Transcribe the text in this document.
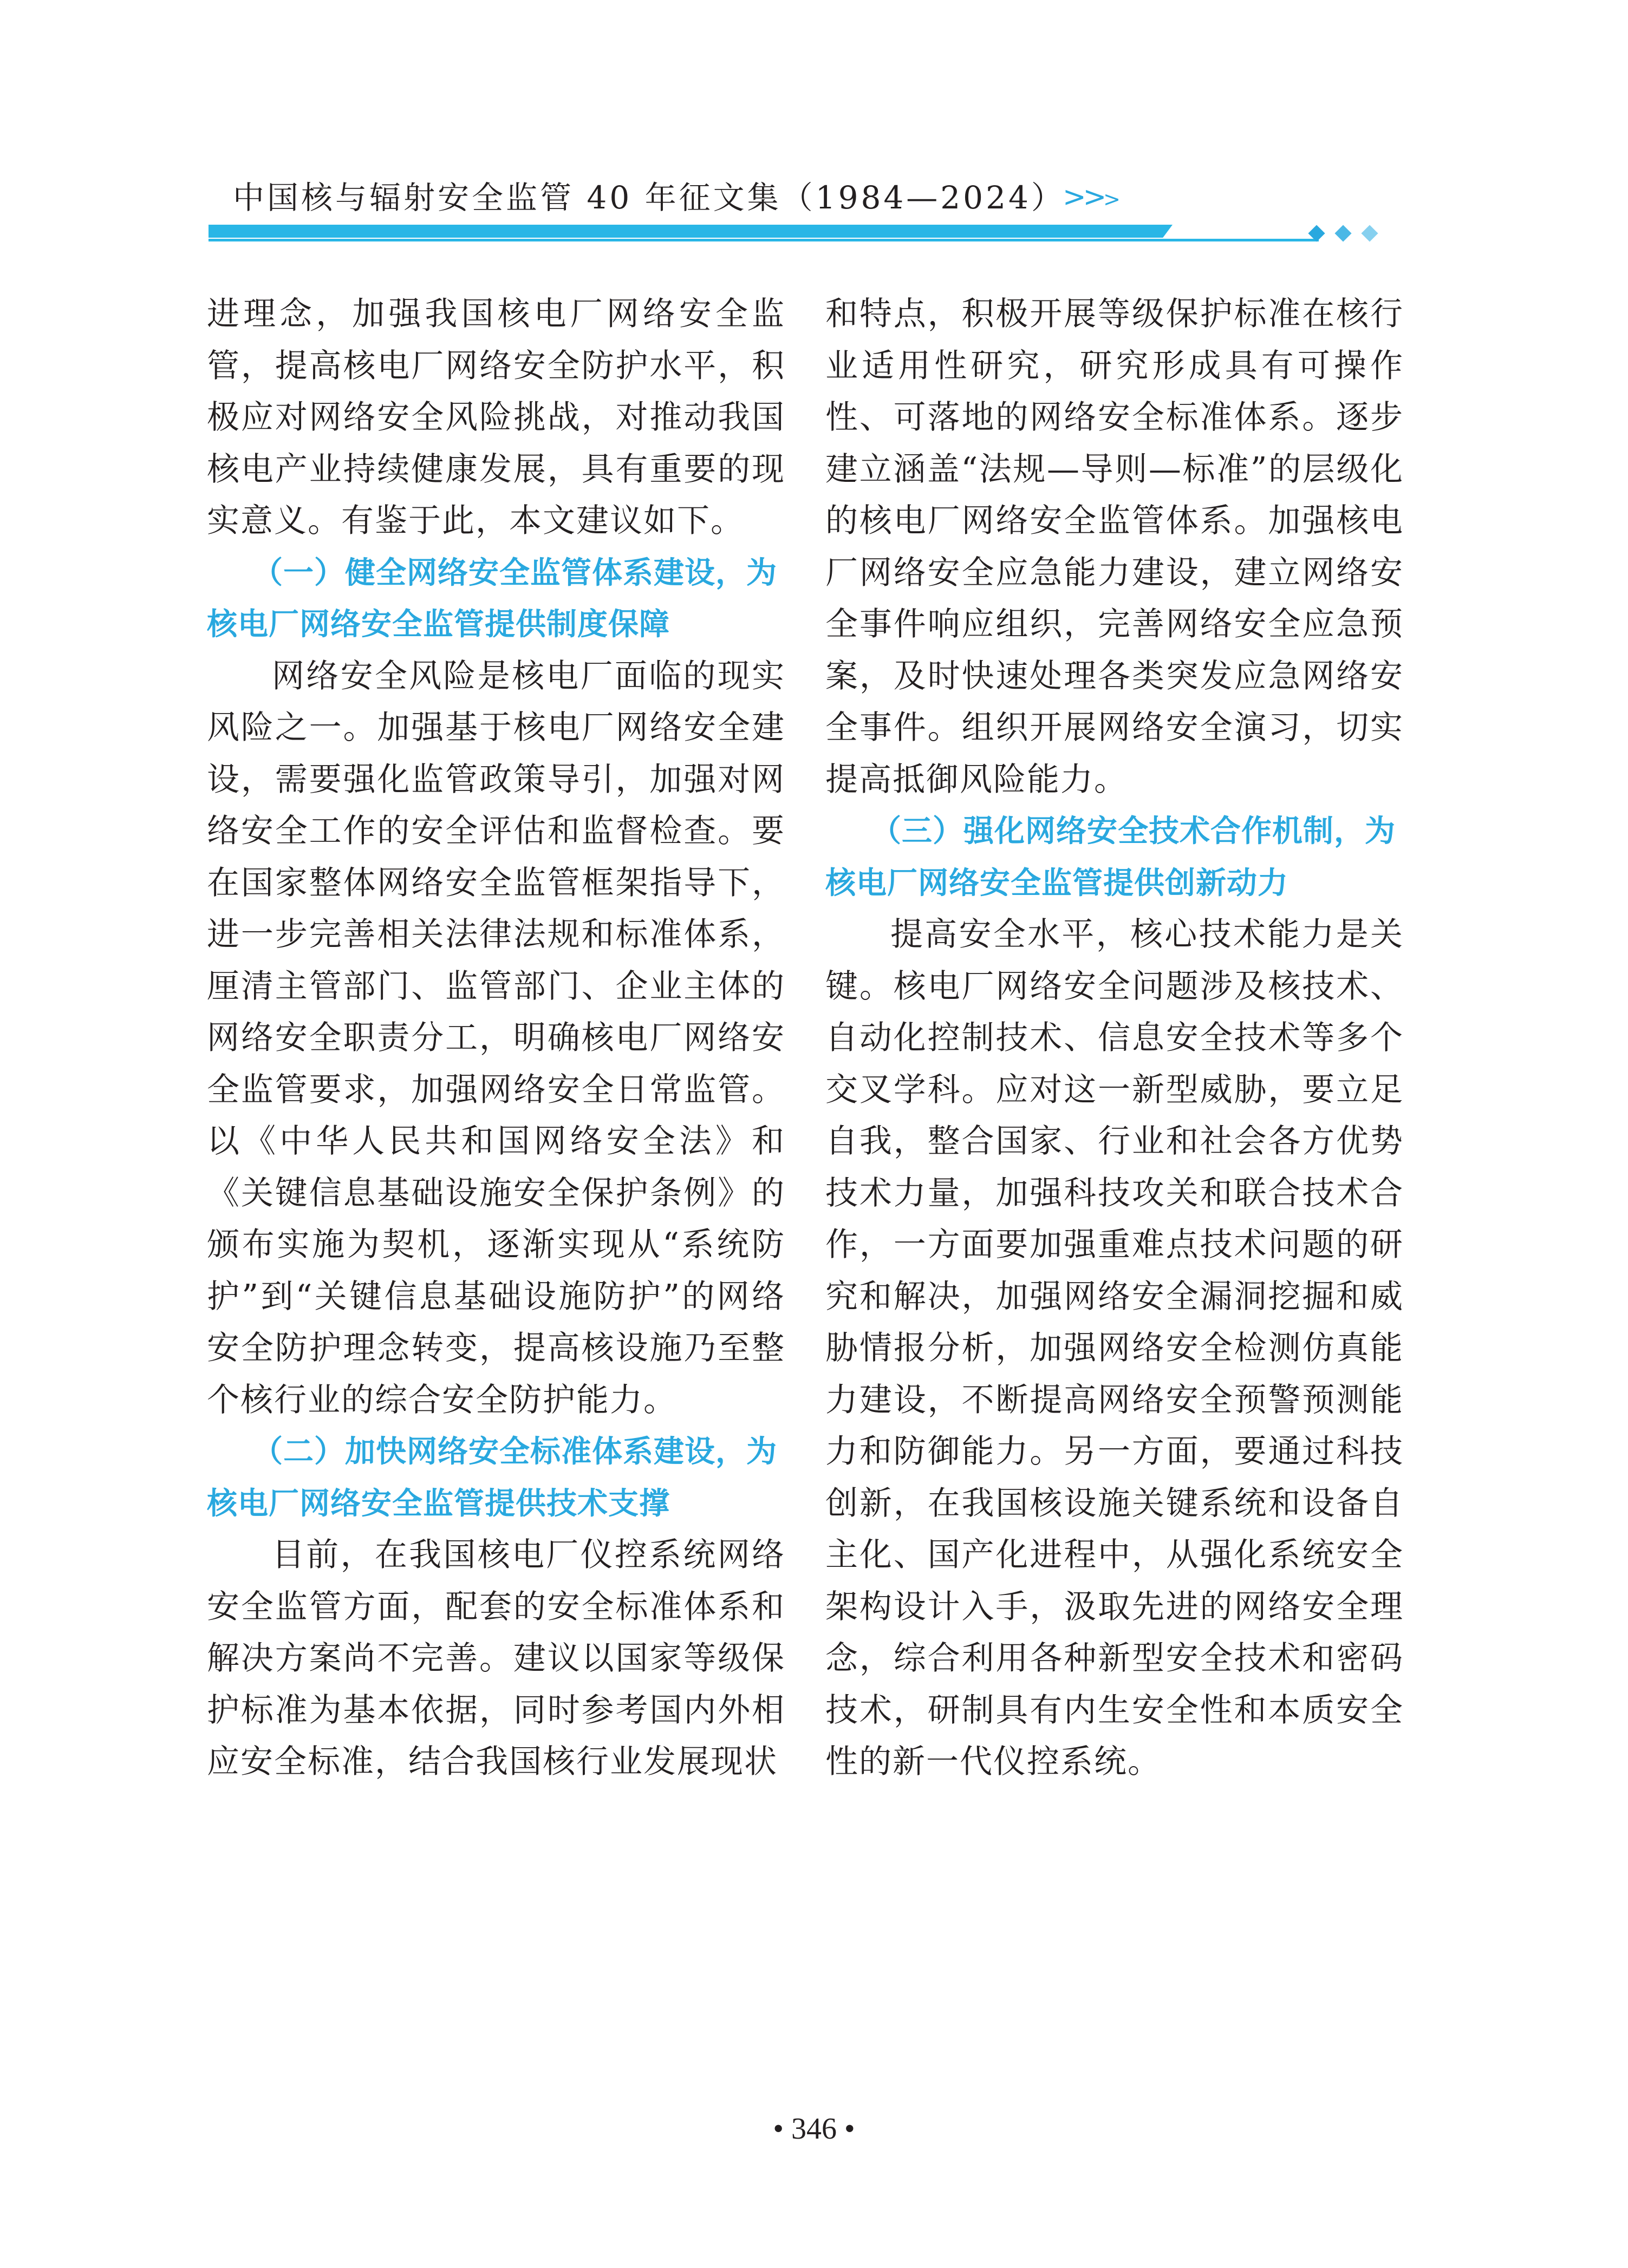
中国核与辐射安全监管 40 年征文集（1984—2024）
>>>

进理念，加强我国核电厂网络安全监管，提高核电厂网络安全防护水平，积极应对网络安全风险挑战，对推动我国核电产业持续健康发展，具有重要的现实意义。有鉴于此，本文建议如下。

（一）健全网络安全监管体系建设，为核电厂网络安全监管提供制度保障

网络安全风险是核电厂面临的现实风险之一。加强基于核电厂网络安全建设，需要强化监管政策导引，加强对网络安全工作的安全评估和监督检查。要在国家整体网络安全监管框架指导下，进一步完善相关法律法规和标准体系，厘清主管部门、监管部门、企业主体的网络安全职责分工，明确核电厂网络安全监管要求，加强网络安全日常监管。以《中华人民共和国网络安全法》和《关键信息基础设施安全保护条例》的颁布实施为契机，逐渐实现从“系统防护”到“关键信息基础设施防护”的网络安全防护理念转变，提高核设施乃至整个核行业的综合安全防护能力。

（二）加快网络安全标准体系建设，为核电厂网络安全监管提供技术支撑

目前，在我国核电厂仪控系统网络安全监管方面，配套的安全标准体系和解决方案尚不完善。建议以国家等级保护标准为基本依据，同时参考国内外相应安全标准，结合我国核行业发展现状

和特点，积极开展等级保护标准在核行业适用性研究，研究形成具有可操作性、可落地的网络安全标准体系。逐步建立涵盖“法规—导则—标准”的层级化的核电厂网络安全监管体系。加强核电厂网络安全应急能力建设，建立网络安全事件响应组织，完善网络安全应急预案，及时快速处理各类突发应急网络安全事件。组织开展网络安全演习，切实提高抵御风险能力。

（三）强化网络安全技术合作机制，为核电厂网络安全监管提供创新动力

提高安全水平，核心技术能力是关键。核电厂网络安全问题涉及核技术、自动化控制技术、信息安全技术等多个交叉学科。应对这一新型威胁，要立足自我，整合国家、行业和社会各方优势技术力量，加强科技攻关和联合技术合作，一方面要加强重难点技术问题的研究和解决，加强网络安全漏洞挖掘和威胁情报分析，加强网络安全检测仿真能力建设，不断提高网络安全预警预测能力和防御能力。另一方面，要通过科技创新，在我国核设施关键系统和设备自主化、国产化进程中，从强化系统安全架构设计入手，汲取先进的网络安全理念，综合利用各种新型安全技术和密码技术，研制具有内生安全性和本质安全性的新一代仪控系统。

• 346 •
